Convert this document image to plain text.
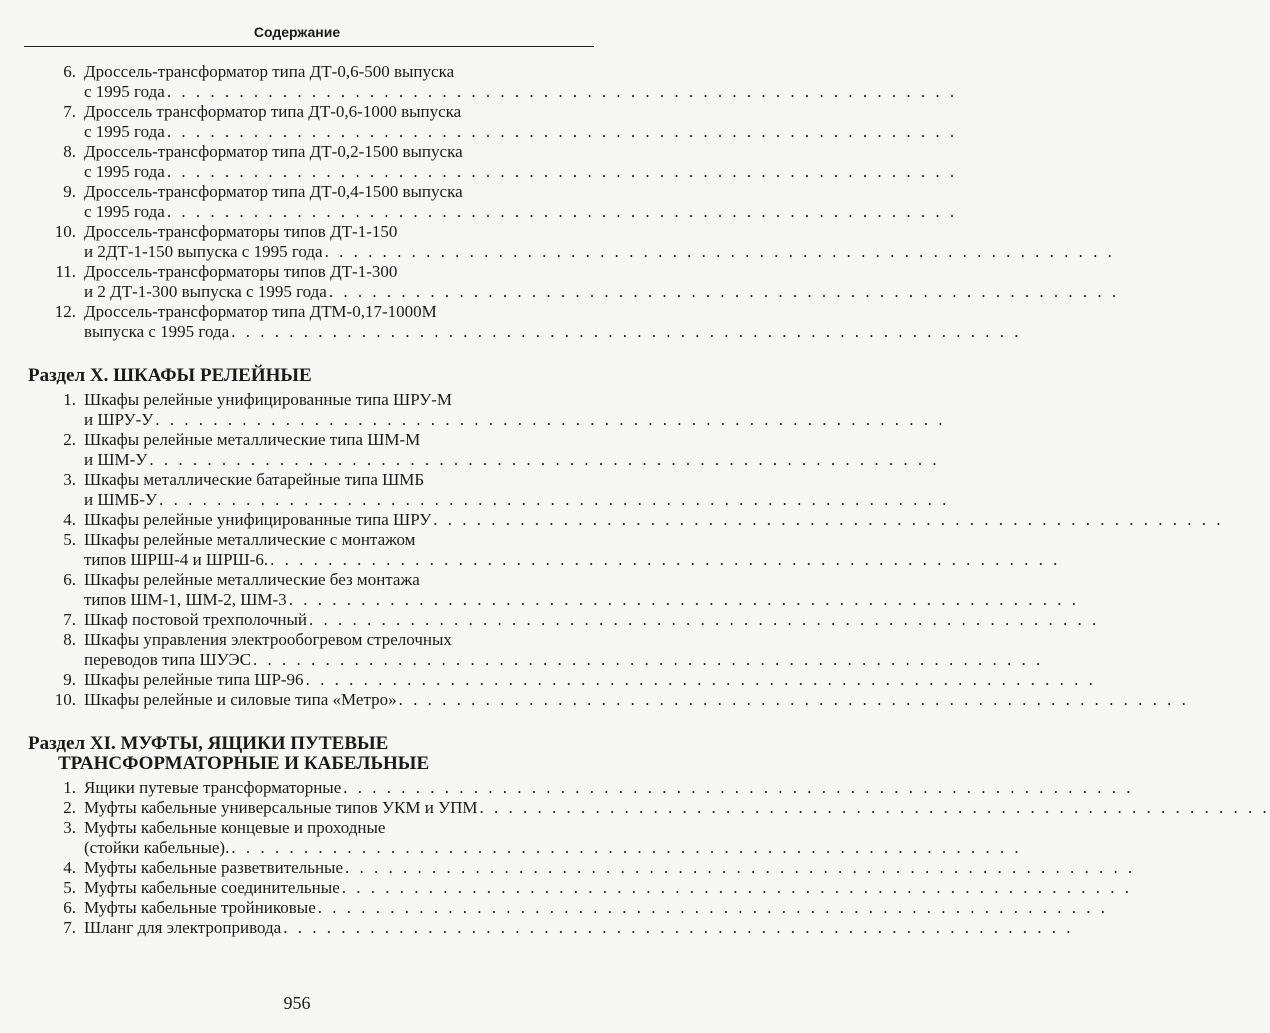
Содержание
6. Дроссель-трансформатор типа ДТ-0,6-500 выпуска
с 1995 года . . . . . . . . . . . . . . . . . . . . . . . . . . . . . . . . . . . . . . . . . . . . . . . . . . . . . . .
7. Дроссель трансформатор типа ДТ-0,6-1000 выпуска
с 1995 года . . . . . . . . . . . . . . . . . . . . . . . . . . . . . . . . . . . . . . . . . . . . . . . . . . . . . . .
8. Дроссель-трансформатор типа ДТ-0,2-1500 выпуска
с 1995 года . . . . . . . . . . . . . . . . . . . . . . . . . . . . . . . . . . . . . . . . . . . . . . . . . . . . . . .
9. Дроссель-трансформатор типа ДТ-0,4-1500 выпуска
с 1995 года . . . . . . . . . . . . . . . . . . . . . . . . . . . . . . . . . . . . . . . . . . . . . . . . . . . . . . .
10. Дроссель-трансформаторы типов ДТ-1-150
и 2ДТ-1-150 выпуска с 1995 года . . . . . . . . . . . . . . . . . . . . . . . . . . . . . . . . . . . . . . . . . . . . . . . . . . . . . . .
11. Дроссель-трансформаторы типов ДТ-1-300
и 2 ДТ-1-300 выпуска с 1995 года . . . . . . . . . . . . . . . . . . . . . . . . . . . . . . . . . . . . . . . . . . . . . . . . . . . . . . .
12. Дроссель-трансформатор типа ДТМ-0,17-1000М
выпуска с 1995 года . . . . . . . . . . . . . . . . . . . . . . . . . . . . . . . . . . . . . . . . . . . . . . . . . . . . . . .
Раздел X. ШКАФЫ РЕЛЕЙНЫЕ
1. Шкафы релейные унифицированные типа ШРУ-М
и ШРУ-У . . . . . . . . . . . . . . . . . . . . . . . . . . . . . . . . . . . . . . . . . . . . . . . . . . . . . . .
2. Шкафы релейные металлические типа ШМ-М
и ШМ-У . . . . . . . . . . . . . . . . . . . . . . . . . . . . . . . . . . . . . . . . . . . . . . . . . . . . . . .
3. Шкафы металлические батарейные типа ШМБ
и ШМБ-У . . . . . . . . . . . . . . . . . . . . . . . . . . . . . . . . . . . . . . . . . . . . . . . . . . . . . . .
4. Шкафы релейные унифицированные типа ШРУ . . . . . . . . . . . . . . . . . . . . . . . . . . . . . . . . . . . . . . . . . . . . . . . . . . . . . . .
5. Шкафы релейные металлические с монтажом
типов ШРШ-4 и ШРШ-6. . . . . . . . . . . . . . . . . . . . . . . . . . . . . . . . . . . . . . . . . . . . . . . . . . . . . . . .
6. Шкафы релейные металлические без монтажа
типов ШМ-1, ШМ-2, ШМ-3 . . . . . . . . . . . . . . . . . . . . . . . . . . . . . . . . . . . . . . . . . . . . . . . . . . . . . . .
7. Шкаф постовой трехполочный . . . . . . . . . . . . . . . . . . . . . . . . . . . . . . . . . . . . . . . . . . . . . . . . . . . . . . .
8. Шкафы управления электрообогревом стрелочных
переводов типа ШУЭС . . . . . . . . . . . . . . . . . . . . . . . . . . . . . . . . . . . . . . . . . . . . . . . . . . . . . . .
9. Шкафы релейные типа ШР-96 . . . . . . . . . . . . . . . . . . . . . . . . . . . . . . . . . . . . . . . . . . . . . . . . . . . . . . .
10. Шкафы релейные и силовые типа «Метро» . . . . . . . . . . . . . . . . . . . . . . . . . . . . . . . . . . . . . . . . . . . . . . . . . . . . . . .
Раздел XI. МУФТЫ, ЯЩИКИ ПУТЕВЫЕ
ТРАНСФОРМАТОРНЫЕ И КАБЕЛЬНЫЕ
1. Ящики путевые трансформаторные . . . . . . . . . . . . . . . . . . . . . . . . . . . . . . . . . . . . . . . . . . . . . . . . . . . . . . .
2. Муфты кабельные универсальные типов УКМ и УПМ . . . . . . . . . . . . . . . . . . . . . . . . . . . . . . . . . . . . . . . . . . . . . . . . . . . . . . .
3. Муфты кабельные концевые и проходные
(стойки кабельные). . . . . . . . . . . . . . . . . . . . . . . . . . . . . . . . . . . . . . . . . . . . . . . . . . . . . . . .
4. Муфты кабельные разветвительные . . . . . . . . . . . . . . . . . . . . . . . . . . . . . . . . . . . . . . . . . . . . . . . . . . . . . . .
5. Муфты кабельные соединительные . . . . . . . . . . . . . . . . . . . . . . . . . . . . . . . . . . . . . . . . . . . . . . . . . . . . . . .
6. Муфты кабельные тройниковые . . . . . . . . . . . . . . . . . . . . . . . . . . . . . . . . . . . . . . . . . . . . . . . . . . . . . . .
7. Шланг для электропривода . . . . . . . . . . . . . . . . . . . . . . . . . . . . . . . . . . . . . . . . . . . . . . . . . . . . . . .
956
